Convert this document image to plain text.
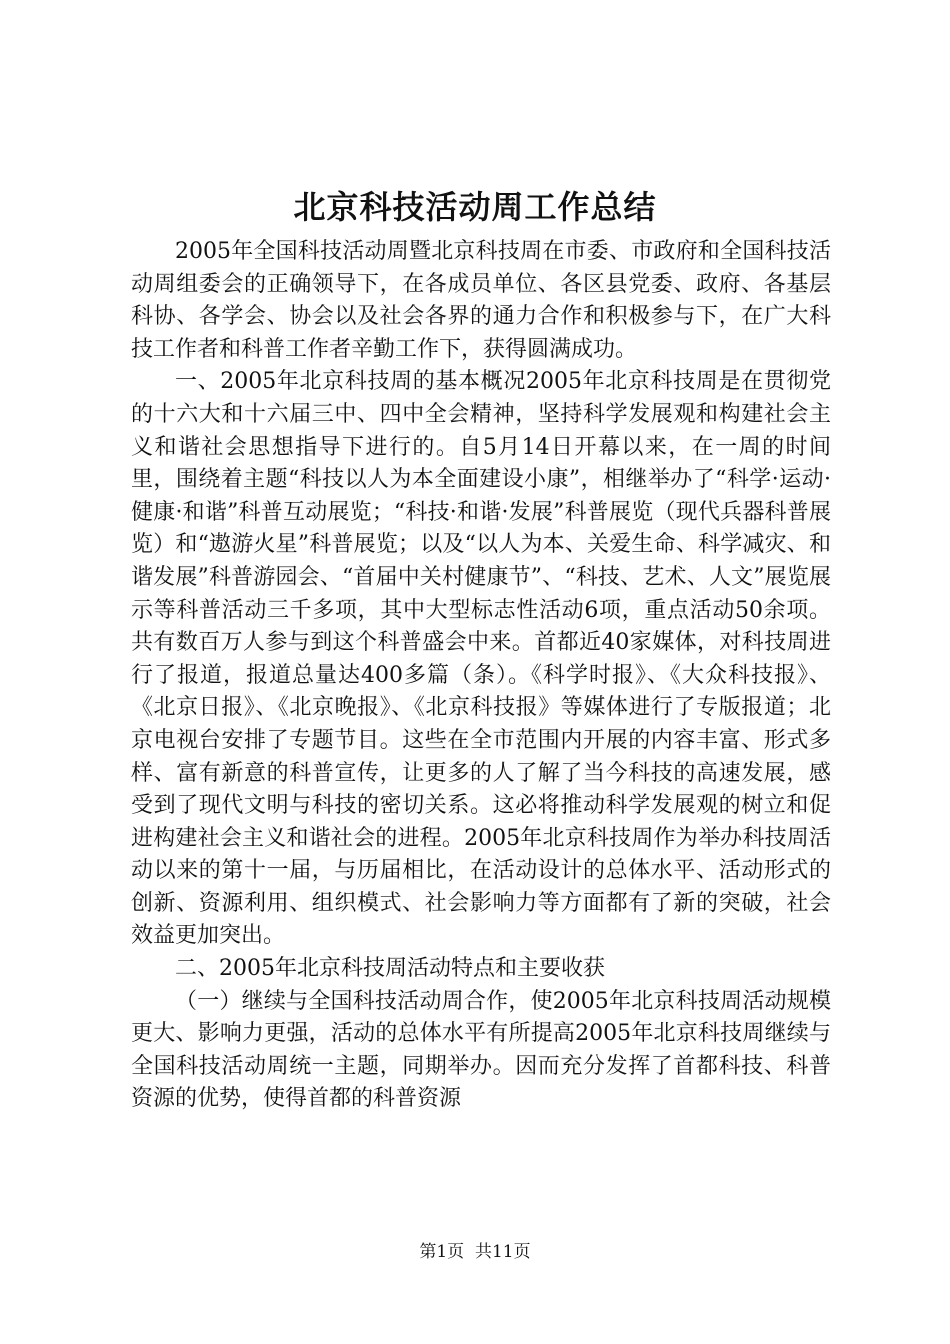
北京科技活动周工作总结

2005年全国科技活动周暨北京科技周在市委、市政府和全国科技活动周组委会的正确领导下，在各成员单位、各区县党委、政府、各基层科协、各学会、协会以及社会各界的通力合作和积极参与下，在广大科技工作者和科普工作者辛勤工作下，获得圆满成功。

一、2005年北京科技周的基本概况2005年北京科技周是在贯彻党的十六大和十六届三中、四中全会精神，坚持科学发展观和构建社会主义和谐社会思想指导下进行的。自5月14日开幕以来，在一周的时间里，围绕着主题“科技以人为本全面建设小康”，相继举办了“科学·运动·健康·和谐”科普互动展览；“科技·和谐·发展”科普展览（现代兵器科普展览）和“遨游火星”科普展览；以及“以人为本、关爱生命、科学减灾、和谐发展”科普游园会、“首届中关村健康节”、“科技、艺术、人文”展览展示等科普活动三千多项，其中大型标志性活动6项，重点活动50余项。共有数百万人参与到这个科普盛会中来。首都近40家媒体，对科技周进行了报道，报道总量达400多篇（条）。《科学时报》、《大众科技报》、《北京日报》、《北京晚报》、《北京科技报》等媒体进行了专版报道；北京电视台安排了专题节目。这些在全市范围内开展的内容丰富、形式多样、富有新意的科普宣传，让更多的人了解了当今科技的高速发展，感受到了现代文明与科技的密切关系。这必将推动科学发展观的树立和促进构建社会主义和谐社会的进程。2005年北京科技周作为举办科技周活动以来的第十一届，与历届相比，在活动设计的总体水平、活动形式的创新、资源利用、组织模式、社会影响力等方面都有了新的突破，社会效益更加突出。

二、2005年北京科技周活动特点和主要收获

（一）继续与全国科技活动周合作，使2005年北京科技周活动规模更大、影响力更强，活动的总体水平有所提高2005年北京科技周继续与全国科技活动周统一主题，同期举办。因而充分发挥了首都科技、科普资源的优势，使得首都的科普资源

第1页  共11页
